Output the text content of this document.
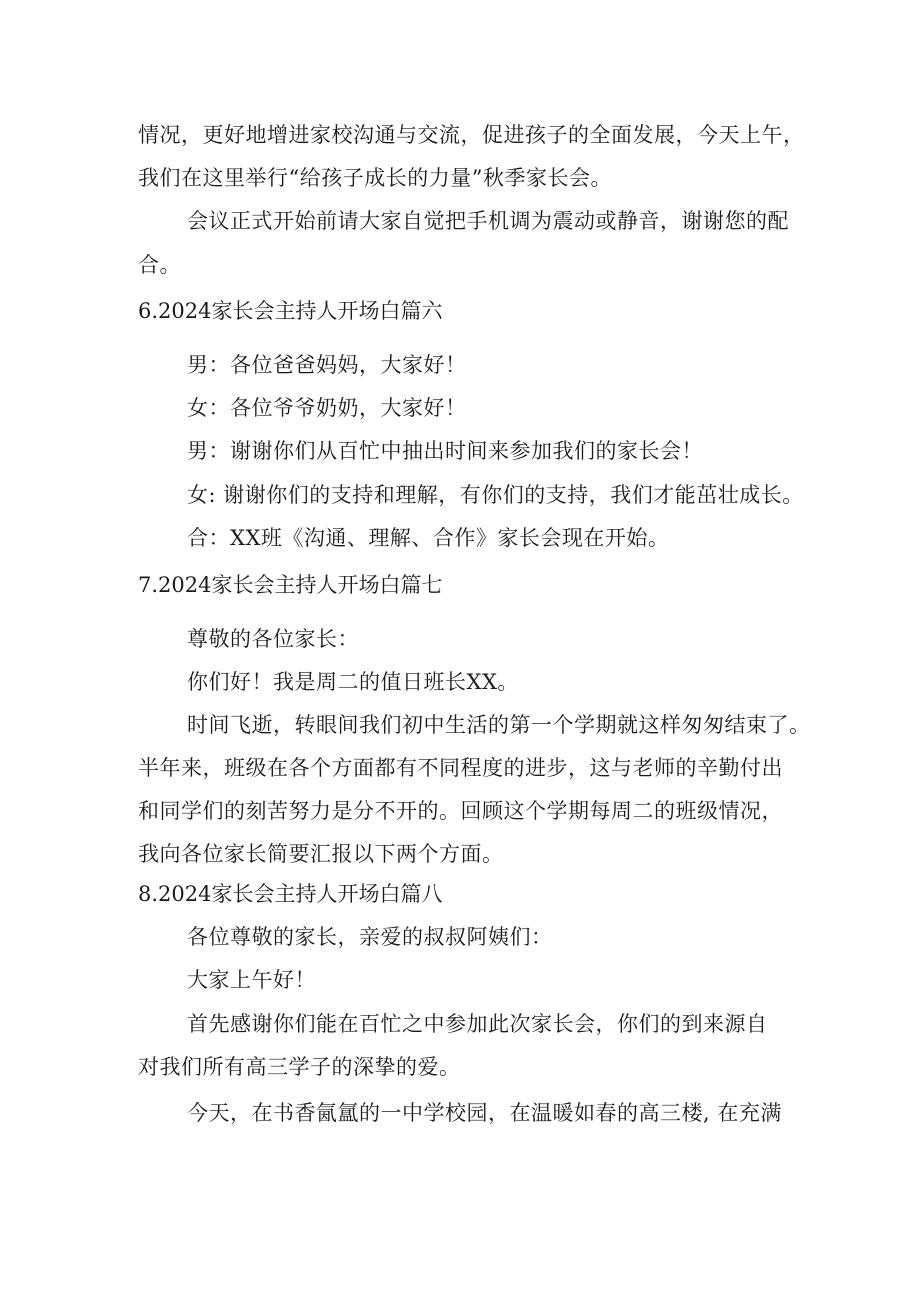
情况，更好地增进家校沟通与交流，促进孩子的全面发展，今天上午，
我们在这里举行“给孩子成长的力量”秋季家长会。
会议正式开始前请大家自觉把手机调为震动或静音，谢谢您的配
合。
6.2024家长会主持人开场白篇六
男：各位爸爸妈妈，大家好！
女：各位爷爷奶奶，大家好！
男：谢谢你们从百忙中抽出时间来参加我们的家长会！
女: 谢谢你们的支持和理解，有你们的支持，我们才能茁壮成长。
合：XX班《沟通、理解、合作》家长会现在开始。
7.2024家长会主持人开场白篇七
尊敬的各位家长：
你们好！我是周二的值日班长XX。
时间飞逝，转眼间我们初中生活的第一个学期就这样匆匆结束了。
半年来，班级在各个方面都有不同程度的进步，这与老师的辛勤付出
和同学们的刻苦努力是分不开的。回顾这个学期每周二的班级情况，
我向各位家长简要汇报以下两个方面。
8.2024家长会主持人开场白篇八
各位尊敬的家长，亲爱的叔叔阿姨们：
大家上午好！
首先感谢你们能在百忙之中参加此次家长会，你们的到来源自
对我们所有高三学子的深挚的爱。
今天，在书香氤氲的一中学校园，在温暖如春的高三楼, 在充满
